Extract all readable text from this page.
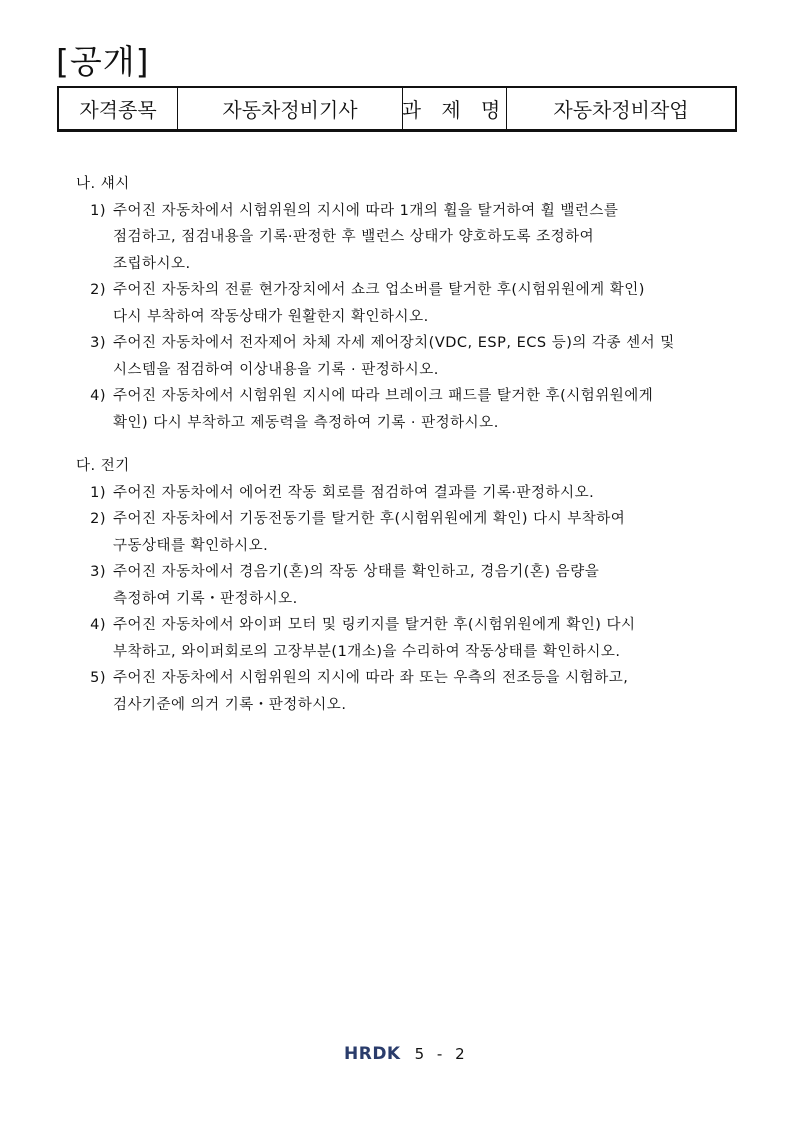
[공개]
자격종목	자동차정비기사	과 제 명	자동차정비작업
나. 섀시
1) 주어진 자동차에서 시험위원의 지시에 따라 1개의 휠을 탈거하여 휠 밸런스를
점검하고, 점검내용을 기록·판정한 후 밸런스 상태가 양호하도록 조정하여
조립하시오.
2) 주어진 자동차의 전륜 현가장치에서 쇼크 업소버를 탈거한 후(시험위원에게 확인)
다시 부착하여 작동상태가 원활한지 확인하시오.
3) 주어진 자동차에서 전자제어 차체 자세 제어장치(VDC, ESP, ECS 등)의 각종 센서 및
시스템을 점검하여 이상내용을 기록 · 판정하시오.
4) 주어진 자동차에서 시험위원 지시에 따라 브레이크 패드를 탈거한 후(시험위원에게
확인) 다시 부착하고 제동력을 측정하여 기록 · 판정하시오.
다. 전기
1) 주어진 자동차에서 에어컨 작동 회로를 점검하여 결과를 기록·판정하시오.
2) 주어진 자동차에서 기동전동기를 탈거한 후(시험위원에게 확인) 다시 부착하여
구동상태를 확인하시오.
3) 주어진 자동차에서 경음기(혼)의 작동 상태를 확인하고, 경음기(혼) 음량을
측정하여 기록・판정하시오.
4) 주어진 자동차에서 와이퍼 모터 및 링키지를 탈거한 후(시험위원에게 확인) 다시
부착하고, 와이퍼회로의 고장부분(1개소)을 수리하여 작동상태를 확인하시오.
5) 주어진 자동차에서 시험위원의 지시에 따라 좌 또는 우측의 전조등을 시험하고,
검사기준에 의거 기록・판정하시오.
HRDK 5 - 2
